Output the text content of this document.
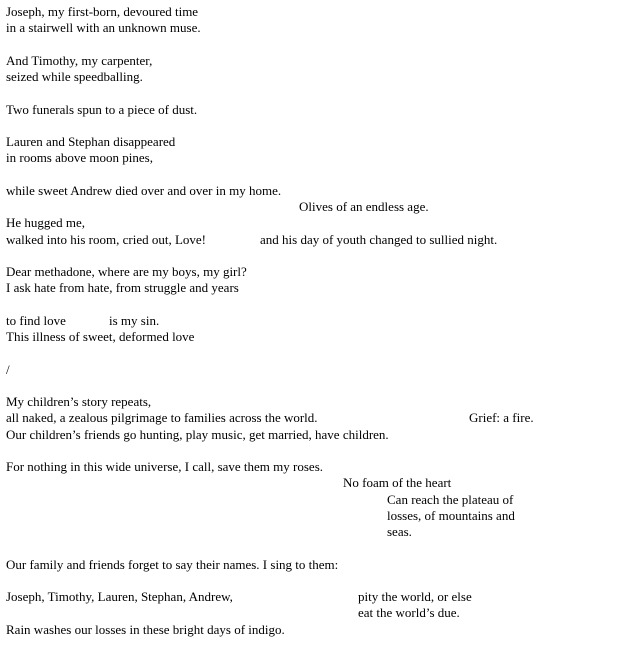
Joseph, my first-born, devoured time
in a stairwell with an unknown muse.
And Timothy, my carpenter,
seized while speedballing.
Two funerals spun to a piece of dust.
Lauren and Stephan disappeared
in rooms above moon pines,
while sweet Andrew died over and over in my home.
Olives of an endless age.
He hugged me,
walked into his room, cried out, Love!	and his day of youth changed to sullied night.
Dear methadone, where are my boys, my girl?
I ask hate from hate, from struggle and years
to find love	is my sin.
This illness of sweet, deformed love
/
My children’s story repeats,
all naked, a zealous pilgrimage to families across the world.	Grief: a fire.
Our children’s friends go hunting, play music, get married, have children.
For nothing in this wide universe, I call, save them my roses.
No foam of the heart
Can reach the plateau of
losses, of mountains and
seas.
Our family and friends forget to say their names. I sing to them:
Joseph, Timothy, Lauren, Stephan, Andrew,	pity the world, or else
eat the world’s due.
Rain washes our losses in these bright days of indigo.
